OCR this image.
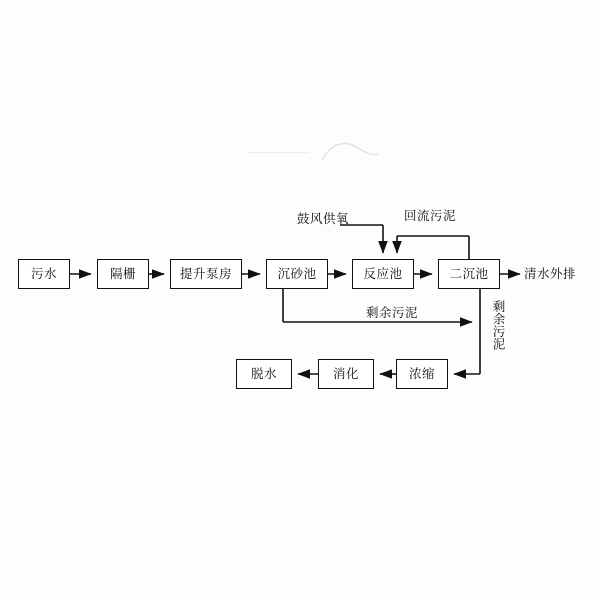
污水	隔栅	提升泵房	沉砂池	反应池	二沉池
浓缩
消化
脱水
鼓风供氧	回流污泥
清水外排
剩余污泥	剩余污泥
